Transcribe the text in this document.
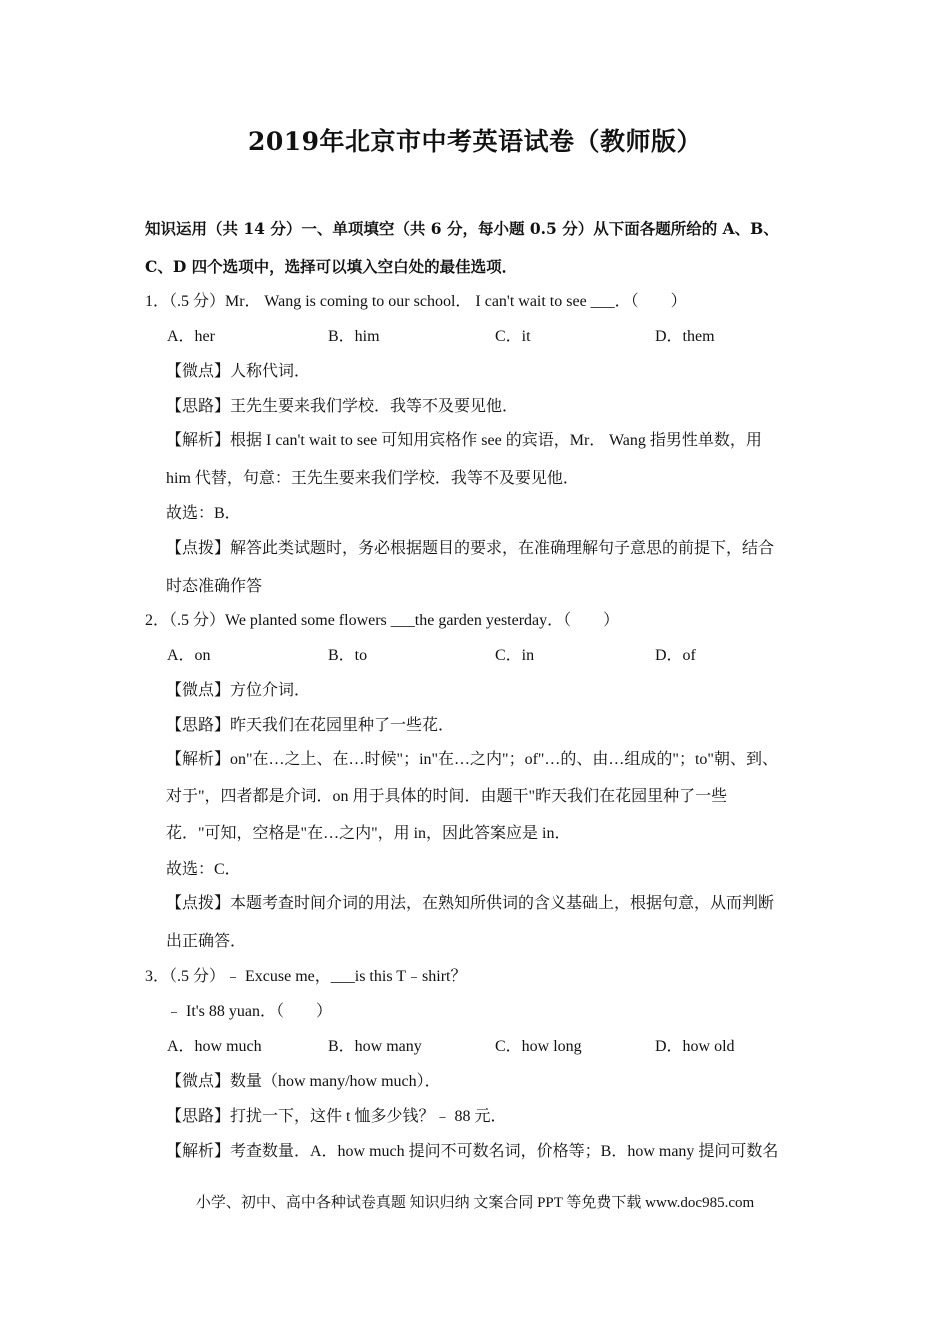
2019年北京市中考英语试卷（教师版）
知识运用（共 14 分）一、单项填空（共 6 分，每小题 0.5 分）从下面各题所给的 A、B、
C、D 四个选项中，选择可以填入空白处的最佳选项．
1．（.5 分）Mr． Wang is coming to our school． I can't wait to see ___．（　　）
A．her	B．him	C．it	D．them
【微点】人称代词．
【思路】王先生要来我们学校．我等不及要见他．
【解析】根据 I can't wait to see 可知用宾格作 see 的宾语，Mr． Wang 指男性单数，用
him 代替，句意：王先生要来我们学校．我等不及要见他．
故选：B．
【点拨】解答此类试题时，务必根据题目的要求，在准确理解句子意思的前提下，结合
时态准确作答
2．（.5 分）We planted some flowers ___the garden yesterday．（　　）
A．on	B．to	C．in	D．of
【微点】方位介词．
【思路】昨天我们在花园里种了一些花．
【解析】on"在…之上、在…时候"；in"在…之内"；of"…的、由…组成的"；to"朝、到、
对于"，四者都是介词．on 用于具体的时间．由题干"昨天我们在花园里种了一些
花．"可知，空格是"在…之内"，用 in，因此答案应是 in．
故选：C．
【点拨】本题考查时间介词的用法，在熟知所供词的含义基础上，根据句意，从而判断
出正确答．
3．（.5 分）﹣ Excuse me，___is this T﹣shirt？
﹣ It's 88 yuan．（　　）
A．how much	B．how many	C．how long	D．how old
【微点】数量（how many/how much）．
【思路】打扰一下，这件 t 恤多少钱？﹣ 88 元．
【解析】考查数量．A．how much 提问不可数名词，价格等；B．how many 提问可数名
小学、初中、高中各种试卷真题 知识归纳 文案合同 PPT 等免费下载 www.doc985.com
